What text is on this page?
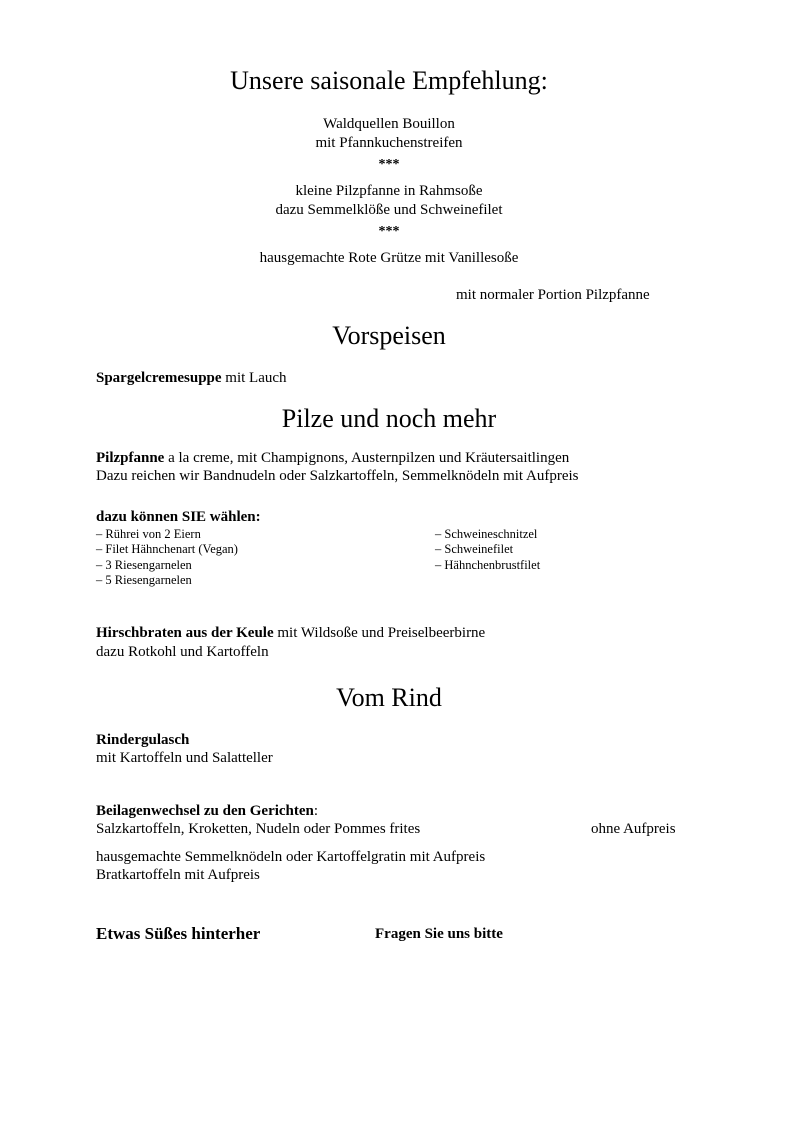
Unsere saisonale Empfehlung:
Waldquellen Bouillon
mit Pfannkuchenstreifen
***
kleine Pilzpfanne in Rahmsoße
dazu Semmelklöße und Schweinefilet
***
hausgemachte Rote Grütze mit Vanillesoße
mit normaler Portion Pilzpfanne
Vorspeisen
Spargelcremesuppe mit Lauch
Pilze und noch mehr
Pilzpfanne a la creme, mit Champignons, Austernpilzen und Kräutersaitlingen
Dazu reichen wir Bandnudeln oder Salzkartoffeln, Semmelknödeln mit Aufpreis
dazu können SIE wählen:
– Rührei von 2 Eiern
– Filet Hähnchenart (Vegan)
– 3 Riesengarnelen
– 5 Riesengarnelen
– Schweineschnitzel
– Schweinefilet
– Hähnchenbrustfilet
Hirschbraten aus der Keule mit Wildsoße und Preiselbeerbirne
dazu Rotkohl und Kartoffeln
Vom Rind
Rindergulasch
mit Kartoffeln und Salatteller
Beilagenwechsel zu den Gerichten:
Salzkartoffeln, Kroketten, Nudeln oder Pommes frites	ohne Aufpreis
hausgemachte Semmelknödeln oder Kartoffelgratin mit Aufpreis
Bratkartoffeln mit Aufpreis
Etwas Süßes hinterher	Fragen Sie uns bitte
